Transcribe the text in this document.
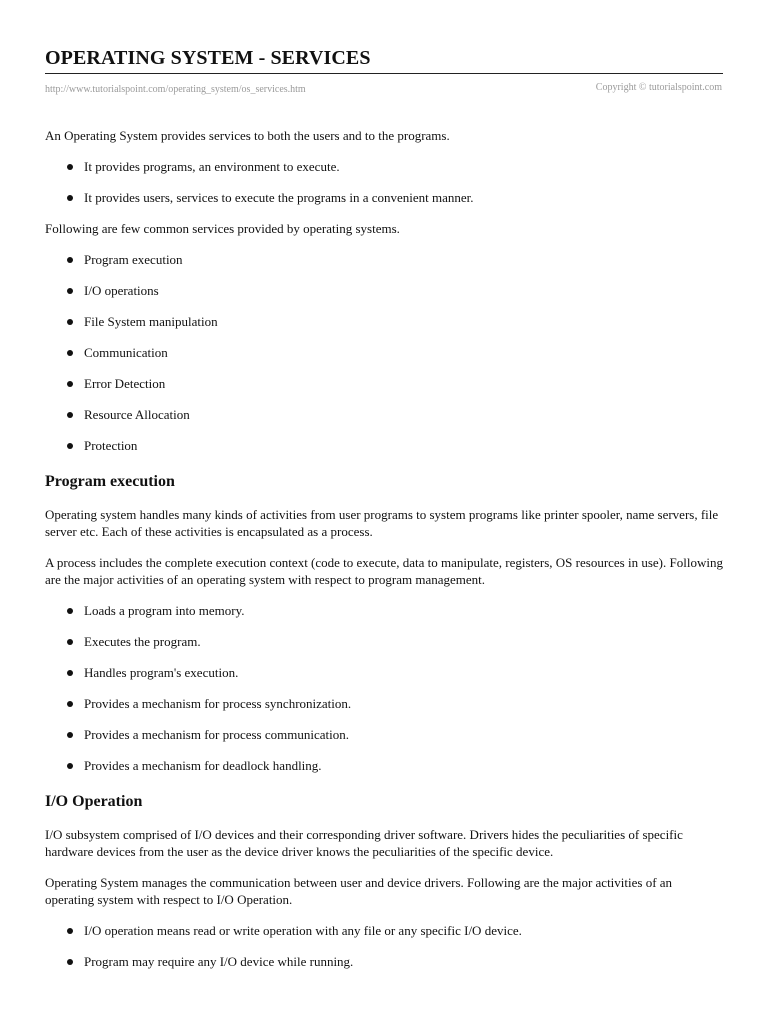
OPERATING SYSTEM - SERVICES
http://www.tutorialspoint.com/operating_system/os_services.htm	Copyright © tutorialspoint.com

An Operating System provides services to both the users and to the programs.

It provides programs, an environment to execute.
It provides users, services to execute the programs in a convenient manner.

Following are few common services provided by operating systems.

Program execution
I/O operations
File System manipulation
Communication
Error Detection
Resource Allocation
Protection
Program execution

Operating system handles many kinds of activities from user programs to system programs like printer spooler, name servers, file server etc. Each of these activities is encapsulated as a process.

A process includes the complete execution context (code to execute, data to manipulate, registers, OS resources in use). Following are the major activities of an operating system with respect to program management.

Loads a program into memory.
Executes the program.
Handles program's execution.
Provides a mechanism for process synchronization.
Provides a mechanism for process communication.
Provides a mechanism for deadlock handling.
I/O Operation

I/O subsystem comprised of I/O devices and their corresponding driver software. Drivers hides the peculiarities of specific hardware devices from the user as the device driver knows the peculiarities of the specific device.

Operating System manages the communication between user and device drivers. Following are the major activities of an operating system with respect to I/O Operation.

I/O operation means read or write operation with any file or any specific I/O device.
Program may require any I/O device while running.
